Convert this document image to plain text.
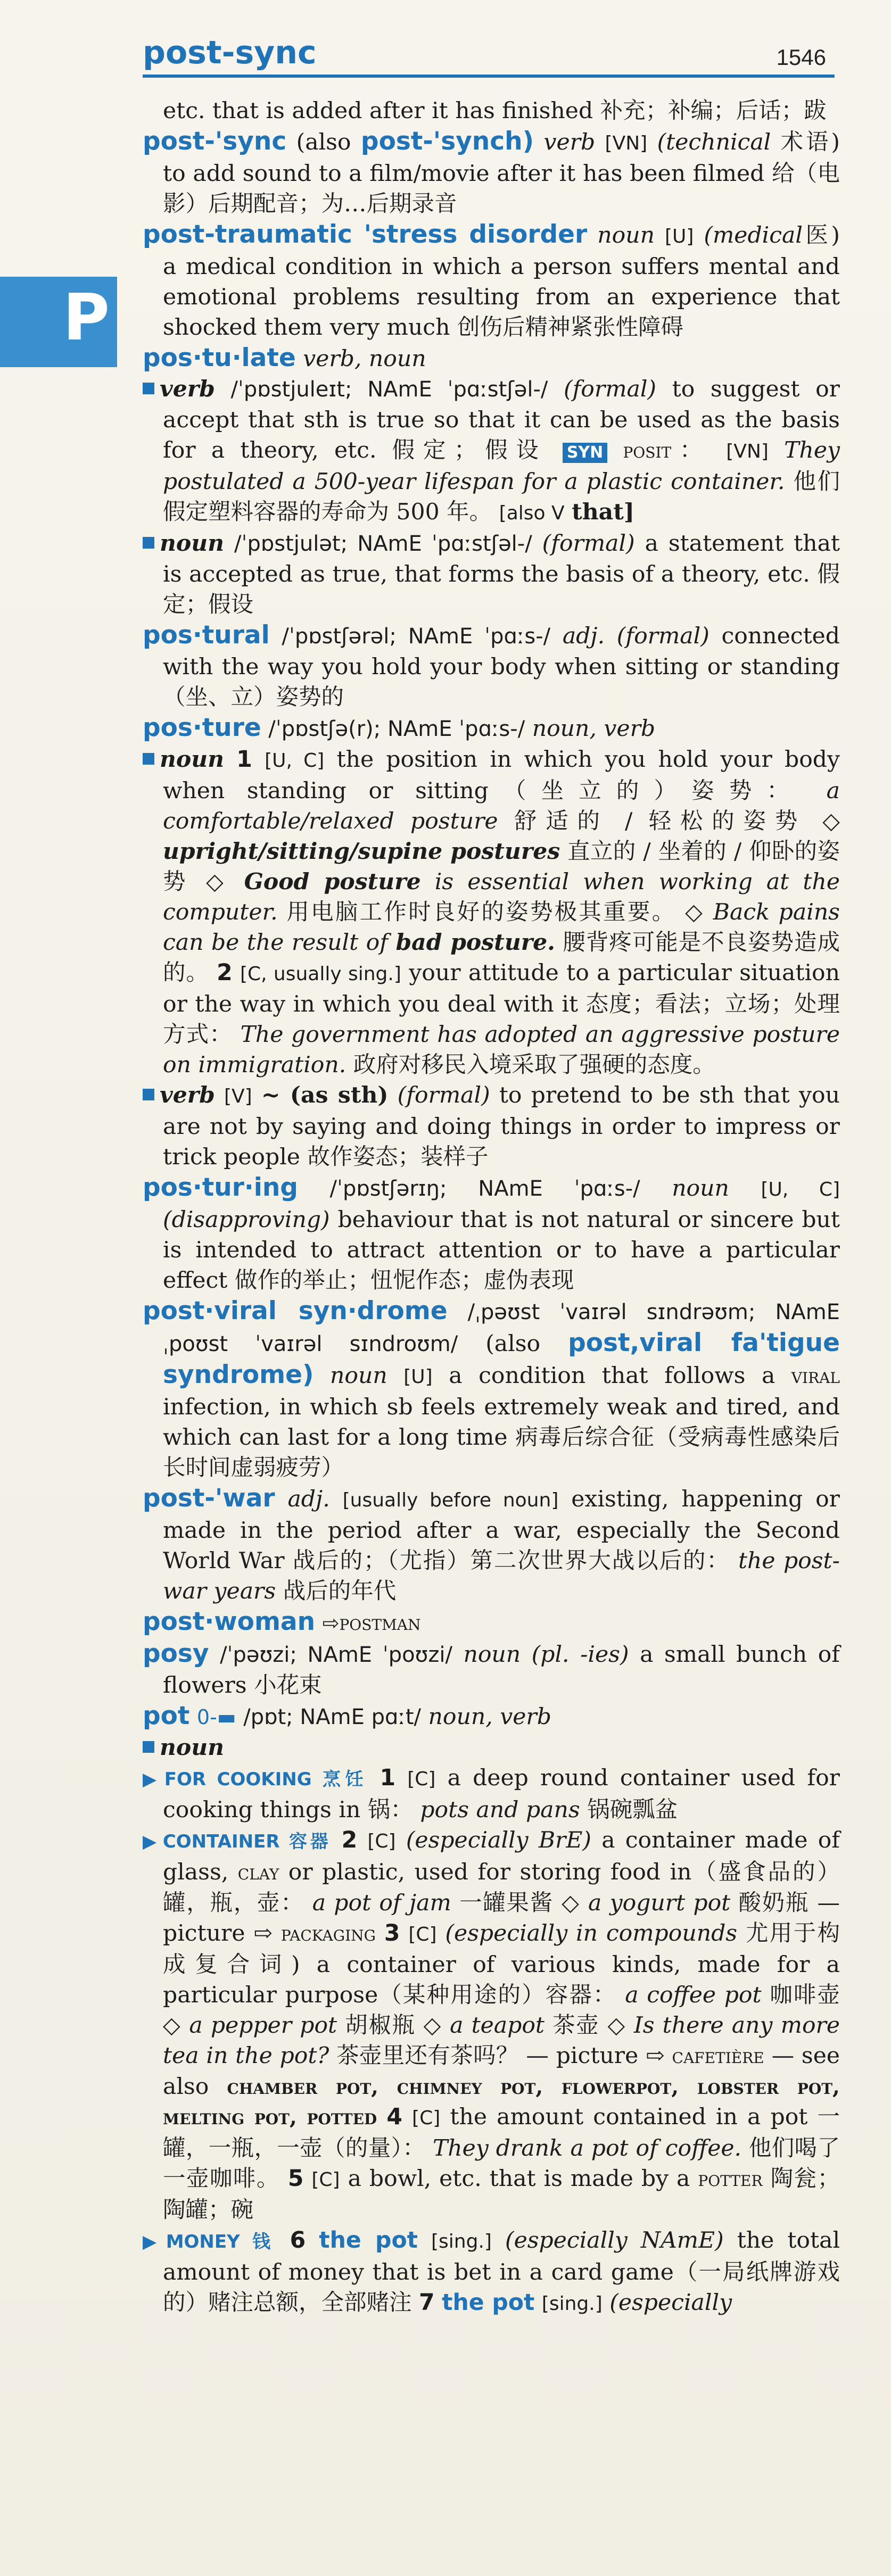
post-sync	1546
P

etc. that is added after it has finished 补充；补编；后话；跋

post-'sync (also post-'synch) verb [VN] (technical 术语) to add sound to a film/movie after it has been filmed 给（电影）后期配音；为…后期录音

post-traumatic 'stress disorder noun [U] (medical医) a medical condition in which a person suffers mental and emotional problems resulting from an experience that shocked them very much 创伤后精神紧张性障碍

pos·tu·late verb, noun

verb /ˈpɒstjuleɪt; NAmE ˈpɑːstʃəl-/ (formal) to suggest or accept that sth is true so that it can be used as the basis for a theory, etc. 假定；假设 SYN posit： [VN] They postulated a 500-year lifespan for a plastic container. 他们假定塑料容器的寿命为 500 年。 [also V that]

noun /ˈpɒstjulət; NAmE ˈpɑːstʃəl-/ (formal) a statement that is accepted as true, that forms the basis of a theory, etc. 假定；假设

pos·tural /ˈpɒstʃərəl; NAmE ˈpɑːs-/ adj. (formal) connected with the way you hold your body when sitting or standing（坐、立）姿势的

pos·ture /ˈpɒstʃə(r); NAmE ˈpɑːs-/ noun, verb

noun 1 [U, C] the position in which you hold your body when standing or sitting（坐立的）姿势： a comfortable/relaxed posture 舒适的 / 轻松的姿势 ◇ upright/sitting/supine postures 直立的 / 坐着的 / 仰卧的姿势 ◇ Good posture is essential when working at the computer. 用电脑工作时良好的姿势极其重要。 ◇ Back pains can be the result of bad posture. 腰背疼可能是不良姿势造成的。 2 [C, usually sing.] your attitude to a particular situation or the way in which you deal with it 态度；看法；立场；处理方式： The government has adopted an aggressive posture on immigration. 政府对移民入境采取了强硬的态度。

verb [V] ~ (as sth) (formal) to pretend to be sth that you are not by saying and doing things in order to impress or trick people 故作姿态；装样子

pos·tur·ing /ˈpɒstʃərɪŋ; NAmE ˈpɑːs-/ noun [U, C] (disapproving) behaviour that is not natural or sincere but is intended to attract attention or to have a particular effect 做作的举止；忸怩作态；虚伪表现

post·viral syn·drome /ˌpəʊst ˈvaɪrəl sɪndrəʊm; NAmE ˌpoʊst ˈvaɪrəl sɪndroʊm/ (also post,viral fa'tigue syndrome) noun [U] a condition that follows a viral infection, in which sb feels extremely weak and tired, and which can last for a long time 病毒后综合征（受病毒性感染后长时间虚弱疲劳）

post-'war adj. [usually before noun] existing, happening or made in the period after a war, especially the Second World War 战后的；（尤指）第二次世界大战以后的： the post-war years 战后的年代

post·woman ⇨postman

posy /ˈpəʊzi; NAmE ˈpoʊzi/ noun (pl. -ies) a small bunch of flowers 小花束

pot 0-▬ /pɒt; NAmE pɑːt/ noun, verb

noun

▶ FOR COOKING 烹饪 1 [C] a deep round container used for cooking things in 锅： pots and pans 锅碗瓢盆

▶ CONTAINER 容器 2 [C] (especially BrE) a container made of glass, clay or plastic, used for storing food in（盛食品的）罐，瓶，壶： a pot of jam 一罐果酱 ◇ a yogurt pot 酸奶瓶 — picture ⇨ packaging 3 [C] (especially in compounds 尤用于构成复合词) a container of various kinds, made for a particular purpose（某种用途的）容器： a coffee pot 咖啡壶 ◇ a pepper pot 胡椒瓶 ◇ a teapot 茶壶 ◇ Is there any more tea in the pot? 茶壶里还有茶吗？ — picture ⇨ cafetière — see also chamber pot, chimney pot, flowerpot, lobster pot, melting pot, potted 4 [C] the amount contained in a pot 一罐，一瓶，一壶（的量）： They drank a pot of coffee. 他们喝了一壶咖啡。 5 [C] a bowl, etc. that is made by a potter 陶瓮；陶罐；碗

▶ MONEY 钱 6 the pot [sing.] (especially NAmE) the total amount of money that is bet in a card game（一局纸牌游戏的）赌注总额，全部赌注 7 the pot [sing.] (especially
